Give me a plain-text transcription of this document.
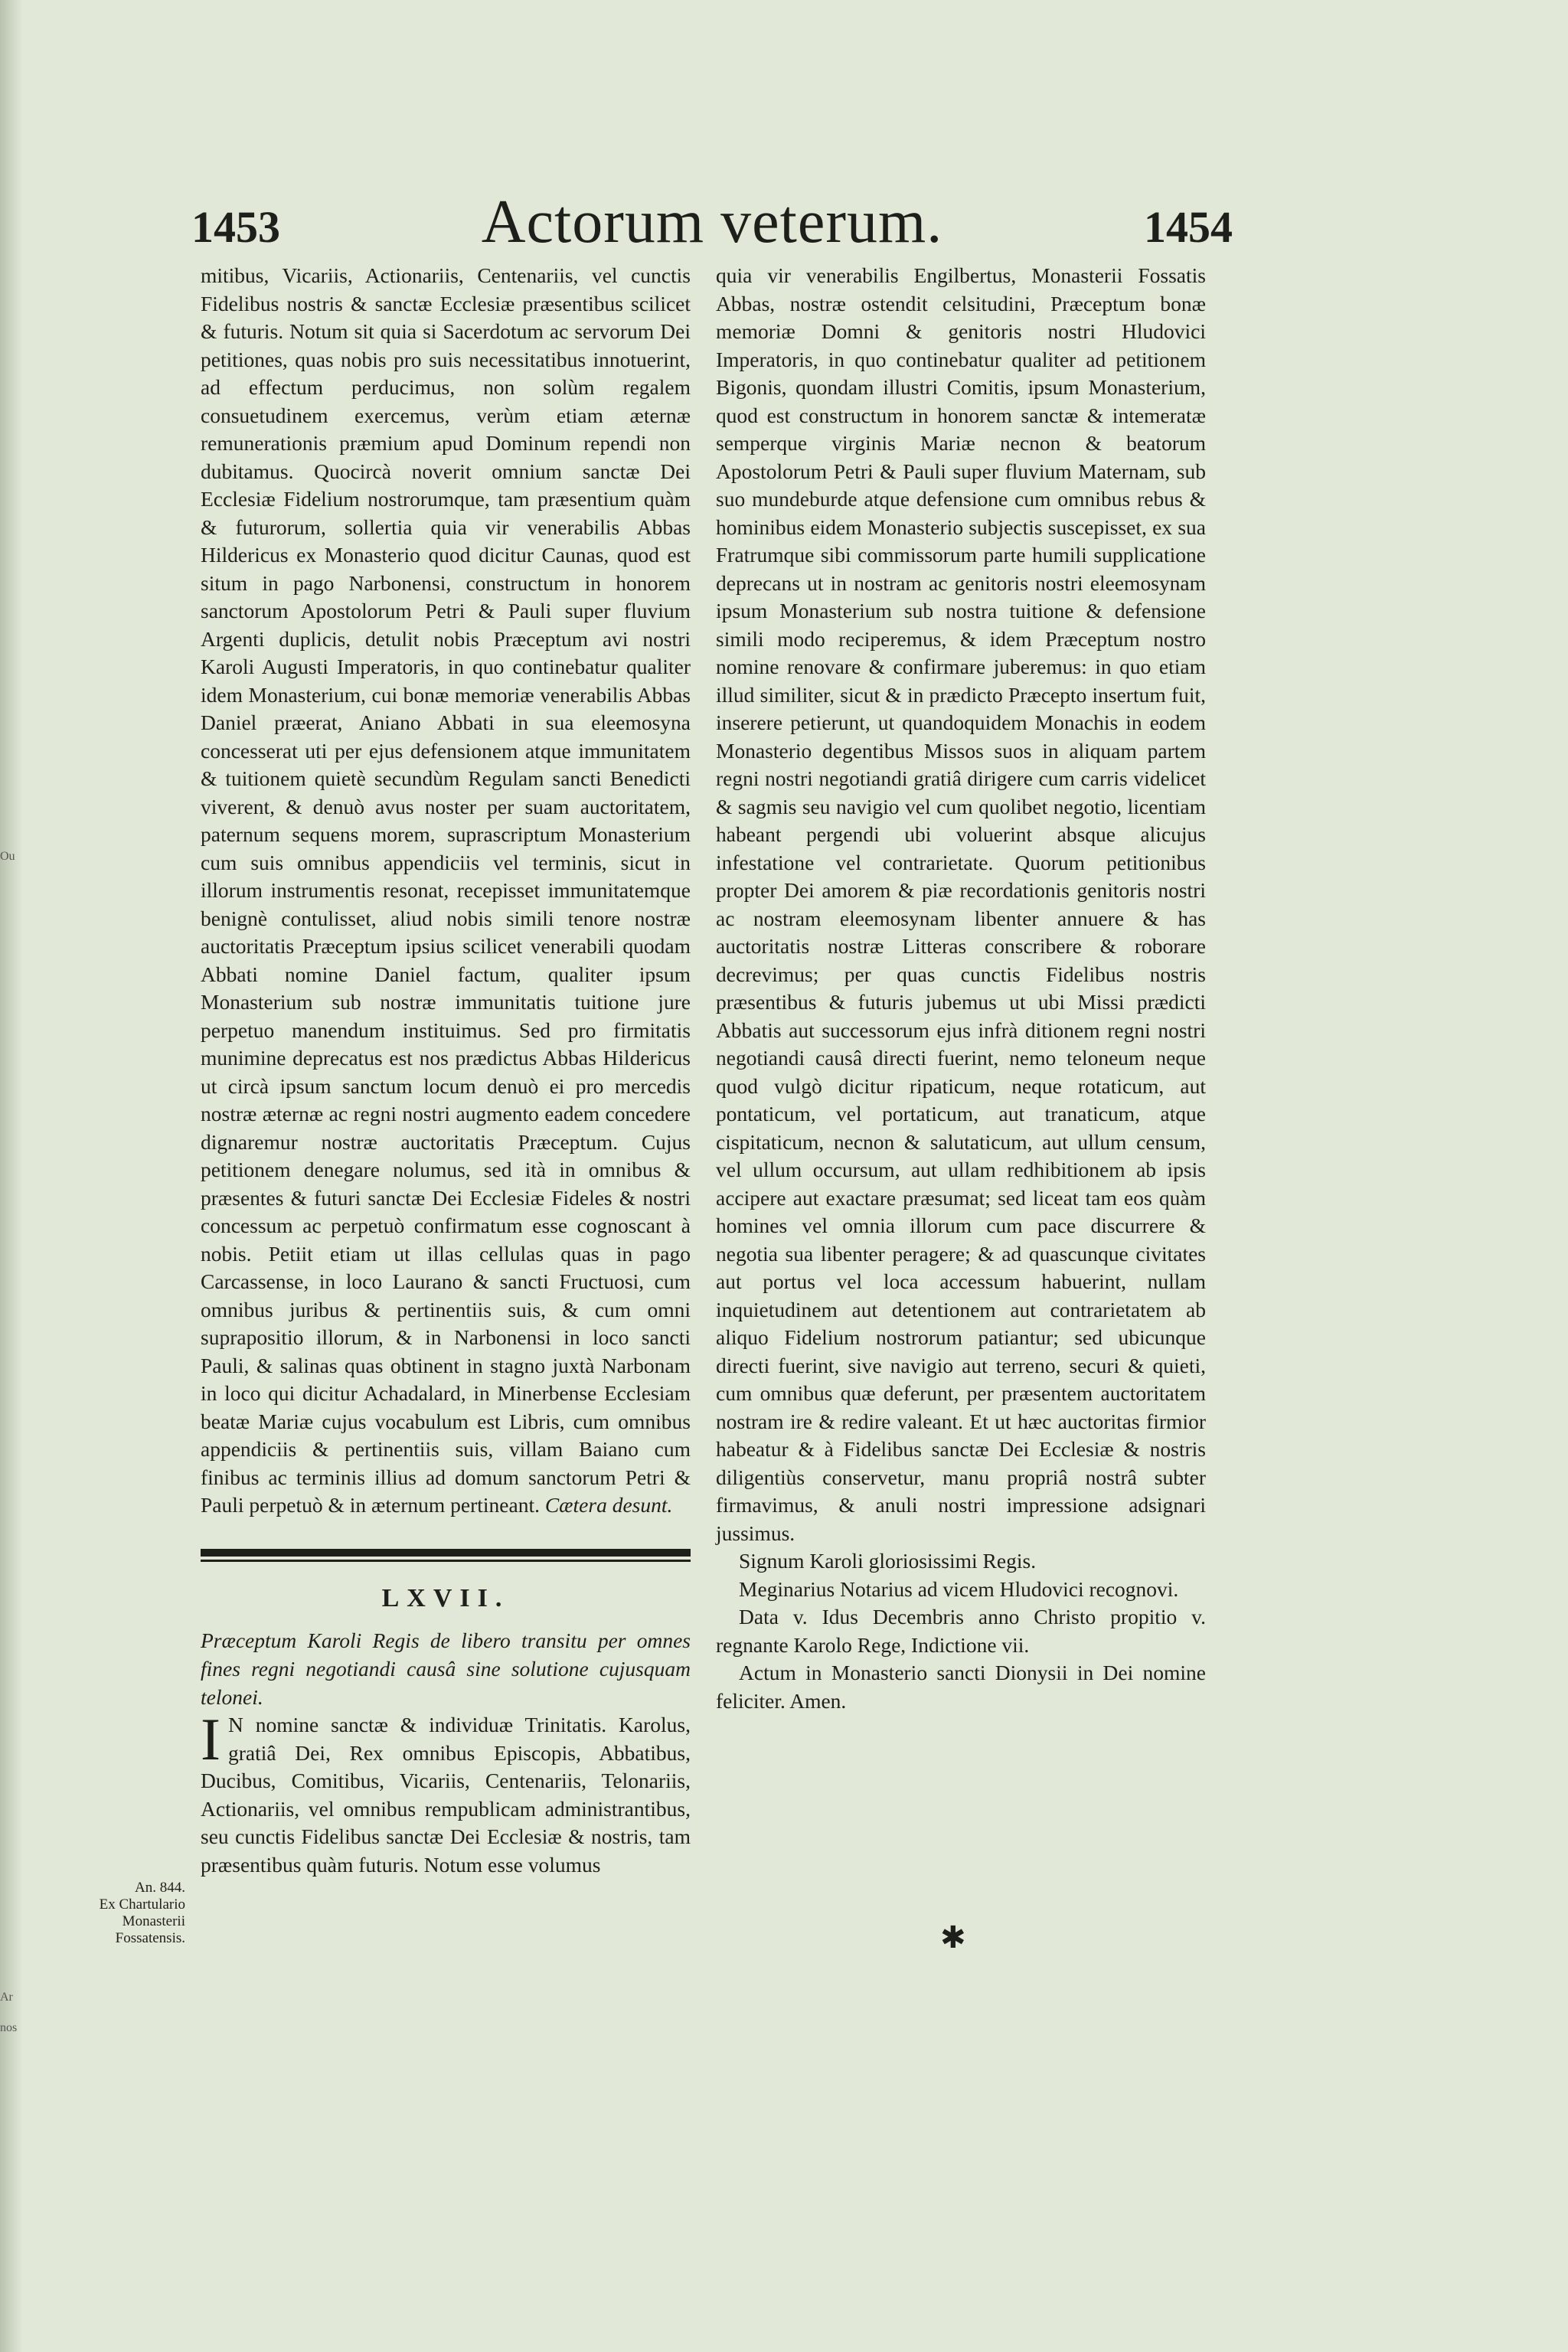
Ou
Ar
nos
1453	Actorum veterum.	1454

mitibus, Vicariis, Actionariis, Centenariis, vel cunctis Fidelibus nostris & sanctæ Ecclesiæ præsentibus scilicet & futuris. Notum sit quia si Sacerdotum ac servorum Dei petitiones, quas nobis pro suis necessitatibus innotuerint, ad effectum perducimus, non solùm regalem consuetudinem exercemus, verùm etiam æternæ remunerationis præmium apud Dominum rependi non dubitamus. Quocircà noverit omnium sanctæ Dei Ecclesiæ Fidelium nostrorumque, tam præsentium quàm & futurorum, sollertia quia vir venerabilis Abbas Hildericus ex Monasterio quod dicitur Caunas, quod est situm in pago Narbonensi, constructum in honorem sanctorum Apostolorum Petri & Pauli super fluvium Argenti duplicis, detulit nobis Præceptum avi nostri Karoli Augusti Imperatoris, in quo continebatur qualiter idem Monasterium, cui bonæ memoriæ venerabilis Abbas Daniel præerat, Aniano Abbati in sua eleemosyna concesserat uti per ejus defensionem atque immunitatem & tuitionem quietè secundùm Regulam sancti Benedicti viverent, & denuò avus noster per suam auctoritatem, paternum sequens morem, suprascriptum Monasterium cum suis omnibus appendiciis vel terminis, sicut in illorum instrumentis resonat, recepisset immunitatemque benignè contulisset, aliud nobis simili tenore nostræ auctoritatis Præceptum ipsius scilicet venerabili quodam Abbati nomine Daniel factum, qualiter ipsum Monasterium sub nostræ immunitatis tuitione jure perpetuo manendum instituimus. Sed pro firmitatis munimine deprecatus est nos prædictus Abbas Hildericus ut circà ipsum sanctum locum denuò ei pro mercedis nostræ æternæ ac regni nostri augmento eadem concedere dignaremur nostræ auctoritatis Præceptum. Cujus petitionem denegare nolumus, sed ità in omnibus & præsentes & futuri sanctæ Dei Ecclesiæ Fideles & nostri concessum ac perpetuò confirmatum esse cognoscant à nobis. Petiit etiam ut illas cellulas quas in pago Carcassense, in loco Laurano & sancti Fructuosi, cum omnibus juribus & pertinentiis suis, & cum omni suprapositio illorum, & in Narbonensi in loco sancti Pauli, & salinas quas obtinent in stagno juxtà Narbonam in loco qui dicitur Achadalard, in Minerbense Ecclesiam beatæ Mariæ cujus vocabulum est Libris, cum omnibus appendiciis & pertinentiis suis, villam Baiano cum finibus ac terminis illius ad domum sanctorum Petri & Pauli perpetuò & in æternum pertineant. Cætera desunt.

LXVII.

Præceptum Karoli Regis de libero transitu per omnes fines regni negotiandi causâ sine solutione cujusquam telonei.

I N nomine sanctæ & individuæ Trinitatis. Karolus, gratiâ Dei, Rex omnibus Episcopis, Abbatibus, Ducibus, Comitibus, Vicariis, Centenariis, Telonariis, Actionariis, vel omnibus rempublicam administrantibus, seu cunctis Fidelibus sanctæ Dei Ecclesiæ & nostris, tam præsentibus quàm futuris. Notum esse volumus
An. 844.
Ex Chartulario Monasterii Fossatensis.

quia vir venerabilis Engilbertus, Monasterii Fossatis Abbas, nostræ ostendit celsitudini, Præceptum bonæ memoriæ Domni & genitoris nostri Hludovici Imperatoris, in quo continebatur qualiter ad petitionem Bigonis, quondam illustri Comitis, ipsum Monasterium, quod est constructum in honorem sanctæ & intemeratæ semperque virginis Mariæ necnon & beatorum Apostolorum Petri & Pauli super fluvium Maternam, sub suo mundeburde atque defensione cum omnibus rebus & hominibus eidem Monasterio subjectis suscepisset, ex sua Fratrumque sibi commissorum parte humili supplicatione deprecans ut in nostram ac genitoris nostri eleemosynam ipsum Monasterium sub nostra tuitione & defensione simili modo reciperemus, & idem Præceptum nostro nomine renovare & confirmare juberemus: in quo etiam illud similiter, sicut & in prædicto Præcepto insertum fuit, inserere petierunt, ut quandoquidem Monachis in eodem Monasterio degentibus Missos suos in aliquam partem regni nostri negotiandi gratiâ dirigere cum carris videlicet & sagmis seu navigio vel cum quolibet negotio, licentiam habeant pergendi ubi voluerint absque alicujus infestatione vel contrarietate. Quorum petitionibus propter Dei amorem & piæ recordationis genitoris nostri ac nostram eleemosynam libenter annuere & has auctoritatis nostræ Litteras conscribere & roborare decrevimus; per quas cunctis Fidelibus nostris præsentibus & futuris jubemus ut ubi Missi prædicti Abbatis aut successorum ejus infrà ditionem regni nostri negotiandi causâ directi fuerint, nemo teloneum neque quod vulgò dicitur ripaticum, neque rotaticum, aut pontaticum, vel portaticum, aut tranaticum, atque cispitaticum, necnon & salutaticum, aut ullum censum, vel ullum occursum, aut ullam redhibitionem ab ipsis accipere aut exactare præsumat; sed liceat tam eos quàm homines vel omnia illorum cum pace discurrere & negotia sua libenter peragere; & ad quascunque civitates aut portus vel loca accessum habuerint, nullam inquietudinem aut detentionem aut contrarietatem ab aliquo Fidelium nostrorum patiantur; sed ubicunque directi fuerint, sive navigio aut terreno, securi & quieti, cum omnibus quæ deferunt, per præsentem auctoritatem nostram ire & redire valeant. Et ut hæc auctoritas firmior habeatur & à Fidelibus sanctæ Dei Ecclesiæ & nostris diligentiùs conservetur, manu propriâ nostrâ subter firmavimus, & anuli nostri impressione adsignari jussimus.

Signum Karoli gloriosissimi Regis.

Meginarius Notarius ad vicem Hludovici recognovi.

Data v. Idus Decembris anno Christo propitio v. regnante Karolo Rege, Indictione vii.

Actum in Monasterio sancti Dionysii in Dei nomine feliciter. Amen.

✱
